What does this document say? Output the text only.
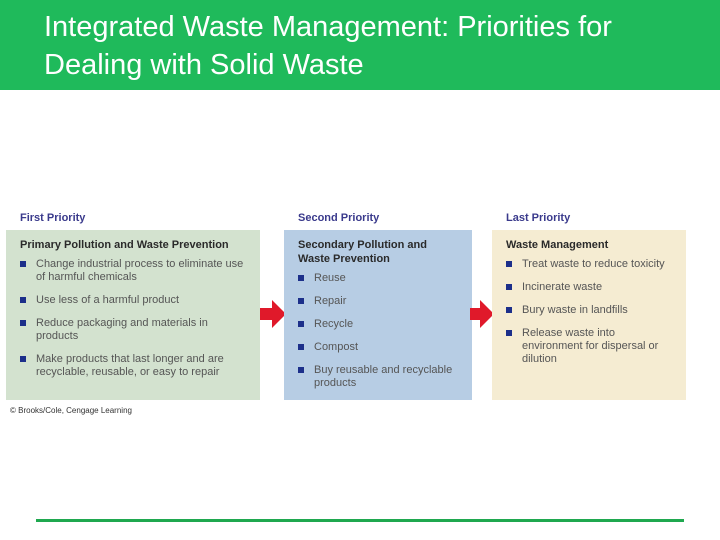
Integrated Waste Management: Priorities for Dealing with Solid Waste
First Priority	Second Priority	Last Priority
Primary Pollution and Waste Prevention
Change industrial process to eliminate use of harmful chemicals
Use less of a harmful product
Reduce packaging and materials in products
Make products that last longer and are recyclable, reusable, or easy to repair
Secondary Pollution and Waste Prevention
Reuse
Repair
Recycle
Compost
Buy reusable and recyclable products
Waste Management
Treat waste to reduce toxicity
Incinerate waste
Bury waste in landfills
Release waste into environment for dispersal or dilution
© Brooks/Cole, Cengage Learning
